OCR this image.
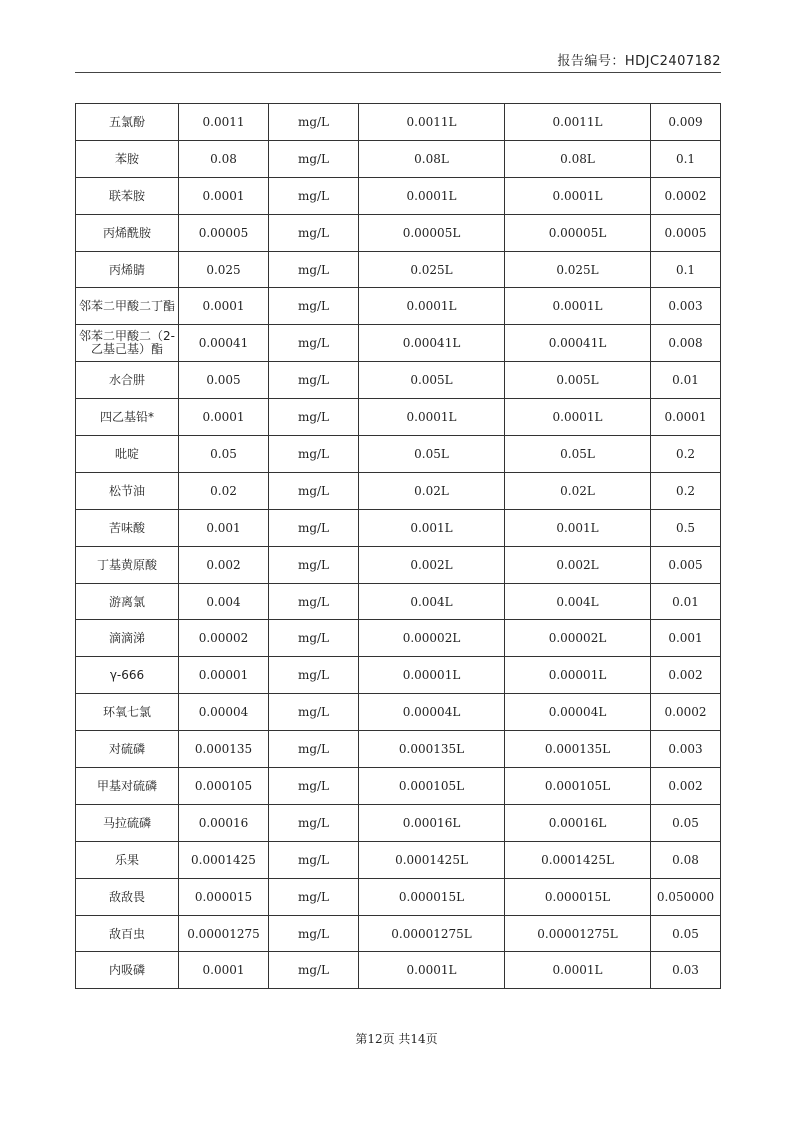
报告编号：HDJC2407182
五氯酚	0.0011	mg/L	0.0011L	0.0011L	0.009
苯胺	0.08	mg/L	0.08L	0.08L	0.1
联苯胺	0.0001	mg/L	0.0001L	0.0001L	0.0002
丙烯酰胺	0.00005	mg/L	0.00005L	0.00005L	0.0005
丙烯腈	0.025	mg/L	0.025L	0.025L	0.1
邻苯二甲酸二丁酯	0.0001	mg/L	0.0001L	0.0001L	0.003
邻苯二甲酸二（2-乙基己基）酯	0.00041	mg/L	0.00041L	0.00041L	0.008
水合肼	0.005	mg/L	0.005L	0.005L	0.01
四乙基铅*	0.0001	mg/L	0.0001L	0.0001L	0.0001
吡啶	0.05	mg/L	0.05L	0.05L	0.2
松节油	0.02	mg/L	0.02L	0.02L	0.2
苦味酸	0.001	mg/L	0.001L	0.001L	0.5
丁基黄原酸	0.002	mg/L	0.002L	0.002L	0.005
游离氯	0.004	mg/L	0.004L	0.004L	0.01
滴滴涕	0.00002	mg/L	0.00002L	0.00002L	0.001
γ-666	0.00001	mg/L	0.00001L	0.00001L	0.002
环氧七氯	0.00004	mg/L	0.00004L	0.00004L	0.0002
对硫磷	0.000135	mg/L	0.000135L	0.000135L	0.003
甲基对硫磷	0.000105	mg/L	0.000105L	0.000105L	0.002
马拉硫磷	0.00016	mg/L	0.00016L	0.00016L	0.05
乐果	0.0001425	mg/L	0.0001425L	0.0001425L	0.08
敌敌畏	0.000015	mg/L	0.000015L	0.000015L	0.050000
敌百虫	0.00001275	mg/L	0.00001275L	0.00001275L	0.05
内吸磷	0.0001	mg/L	0.0001L	0.0001L	0.03
第12页 共14页
